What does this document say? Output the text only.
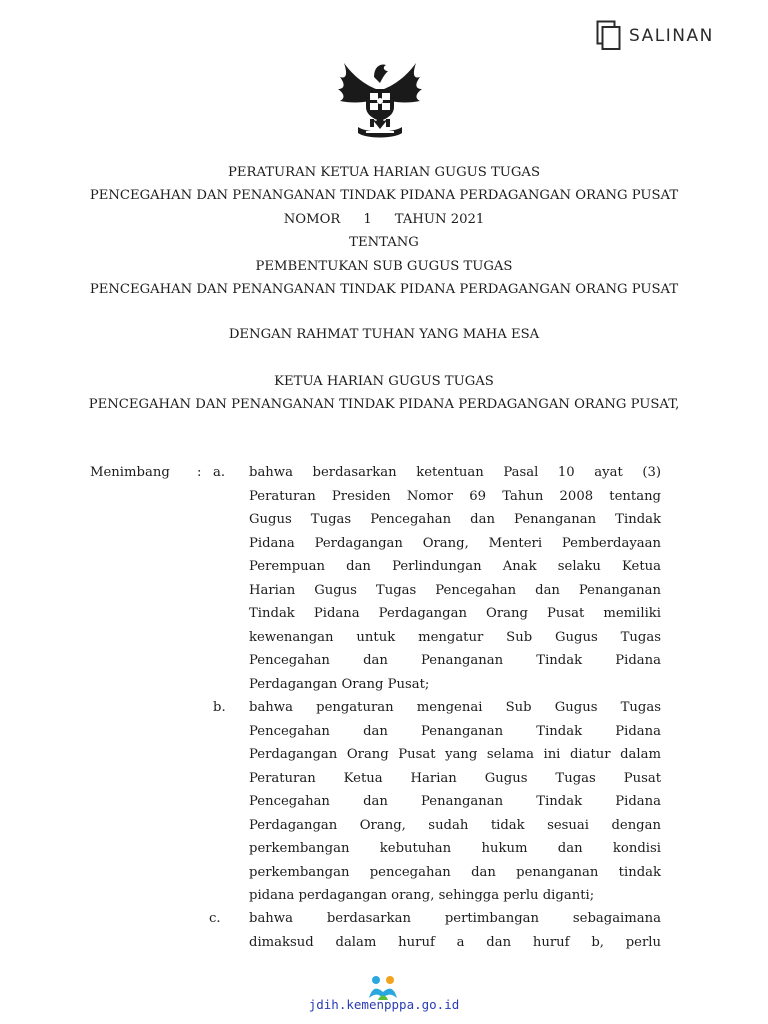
SALINAN
PERATURAN KETUA HARIAN GUGUS TUGAS
PENCEGAHAN DAN PENANGANAN TINDAK PIDANA PERDAGANGAN ORANG PUSAT
NOMOR 1 TAHUN 2021
TENTANG
PEMBENTUKAN SUB GUGUS TUGAS
PENCEGAHAN DAN PENANGANAN TINDAK PIDANA PERDAGANGAN ORANG PUSAT
DENGAN RAHMAT TUHAN YANG MAHA ESA
KETUA HARIAN GUGUS TUGAS
PENCEGAHAN DAN PENANGANAN TINDAK PIDANA PERDAGANGAN ORANG PUSAT,
Menimbang : a. bahwa berdasarkan ketentuan Pasal 10 ayat (3)
Peraturan Presiden Nomor 69 Tahun 2008 tentang
Gugus Tugas Pencegahan dan Penanganan Tindak
Pidana Perdagangan Orang, Menteri Pemberdayaan
Perempuan dan Perlindungan Anak selaku Ketua
Harian Gugus Tugas Pencegahan dan Penanganan
Tindak Pidana Perdagangan Orang Pusat memiliki
kewenangan untuk mengatur Sub Gugus Tugas
Pencegahan dan Penanganan Tindak Pidana
Perdagangan Orang Pusat;
b. bahwa pengaturan mengenai Sub Gugus Tugas
Pencegahan dan Penanganan Tindak Pidana
Perdagangan Orang Pusat yang selama ini diatur dalam
Peraturan Ketua Harian Gugus Tugas Pusat
Pencegahan dan Penanganan Tindak Pidana
Perdagangan Orang, sudah tidak sesuai dengan
perkembangan kebutuhan hukum dan kondisi
perkembangan pencegahan dan penanganan tindak
pidana perdagangan orang, sehingga perlu diganti;
c. bahwa berdasarkan pertimbangan sebagaimana
dimaksud dalam huruf a dan huruf b, perlu
jdih.kemenpppa.go.id
